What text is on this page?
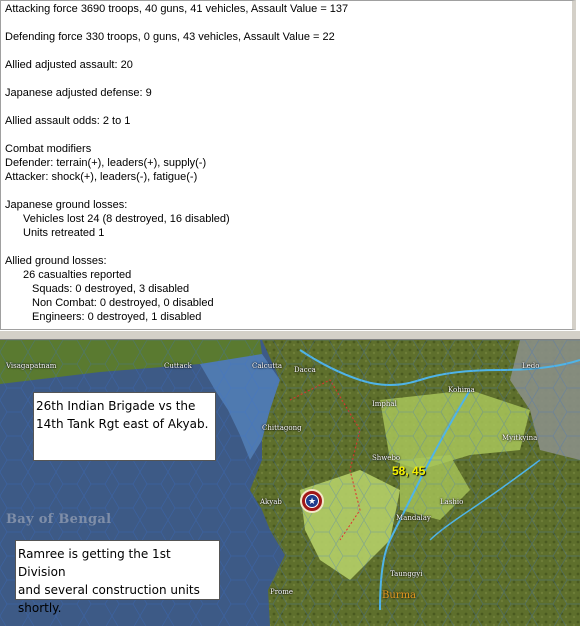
Attacking force 3690 troops, 40 guns, 41 vehicles, Assault Value = 137
Defending force 330 troops, 0 guns, 43 vehicles, Assault Value = 22
Allied adjusted assault: 20
Japanese adjusted defense: 9
Allied assault odds: 2 to 1
Combat modifiers
Defender: terrain(+), leaders(+), supply(-)
Attacker: shock(+), leaders(-), fatigue(-)
Japanese ground losses:
Vehicles lost 24 (8 destroyed, 16 disabled)
Units retreated 1
Allied ground losses:
26 casualties reported
Squads: 0 destroyed, 3 disabled
Non Combat: 0 destroyed, 0 disabled
Engineers: 0 destroyed, 1 disabled
Visagapatnam	Cuttack	Calcutta Dacca
Kohima
Ledo
Imphal
Chittagong
Myitkyina
Akyab
Shwebo
Mandalay
Lashio
Taunggyi
Prome
Bay of Bengal
58, 45
Burma
★
26th Indian Brigade vs the
14th Tank Rgt east of Akyab.
Ramree is getting the 1st Division
and several construction units
shortly.
